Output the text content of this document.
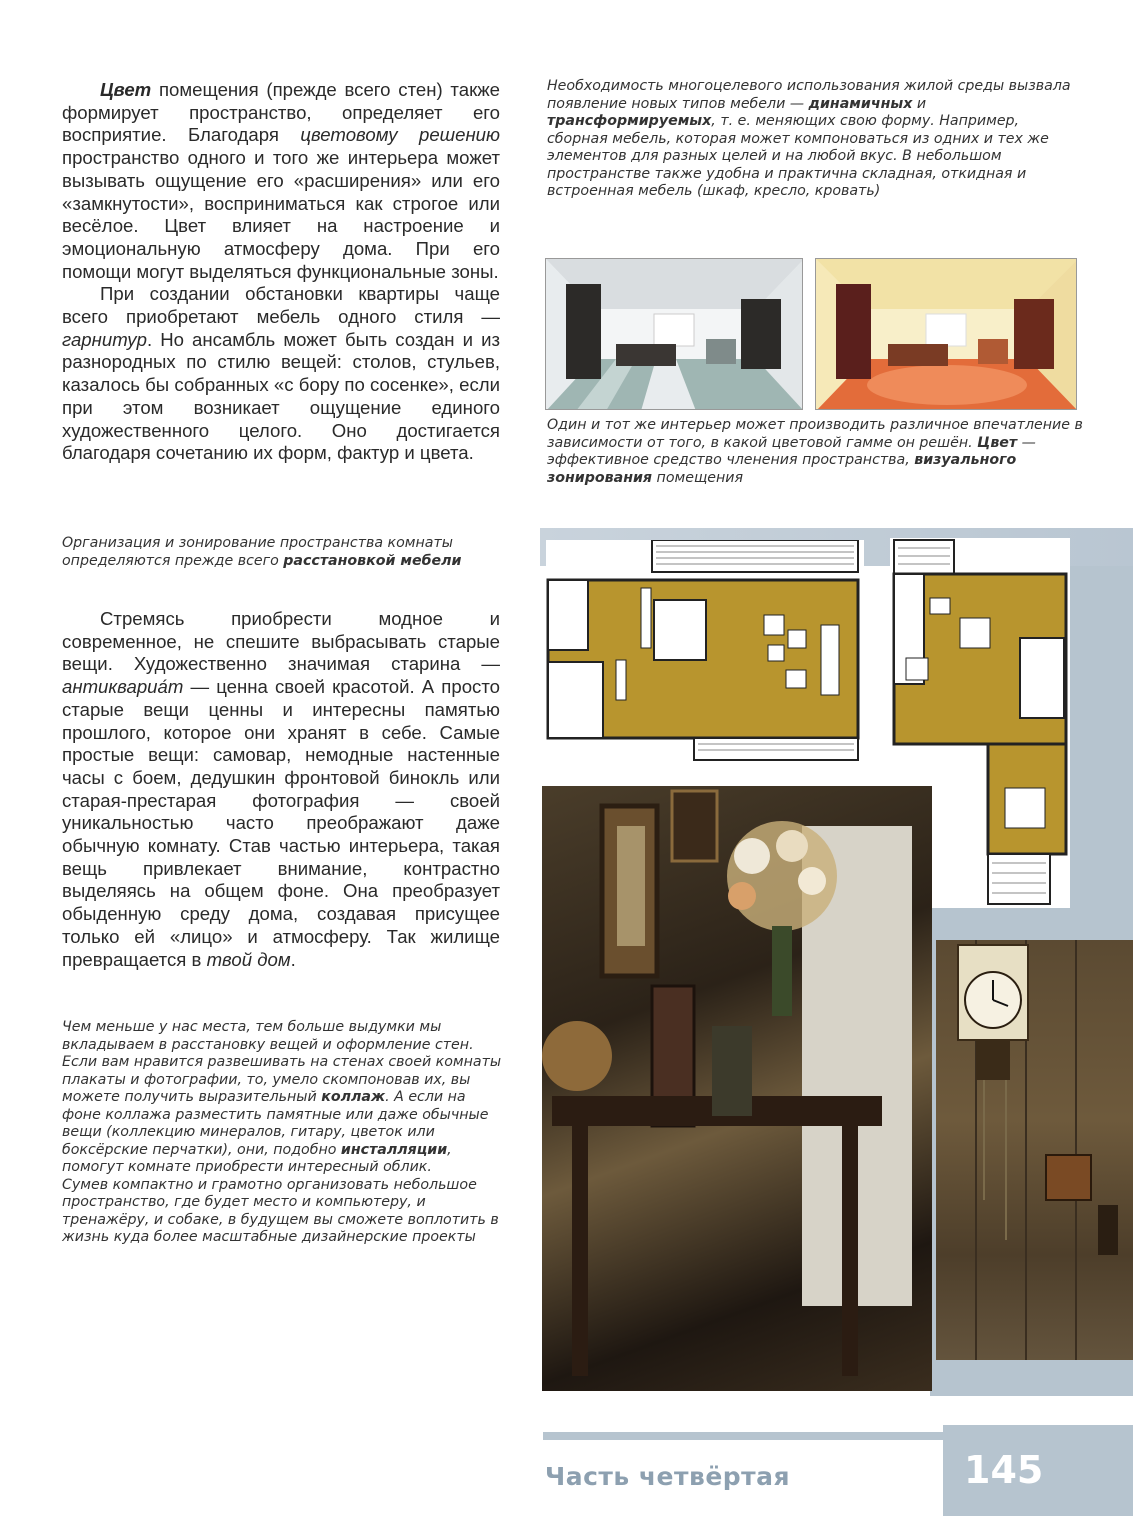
Цвет помещения (прежде всего стен) также формирует пространство, определяет его восприятие. Благодаря цветовому решению пространство одного и того же интерьера может вызывать ощущение его «расширения» или его «замкнутости», восприниматься как строгое или весёлое. Цвет влияет на настроение и эмоциональную атмосферу дома. При его помощи могут выделяться функциональные зоны.

При создании обстановки квартиры чаще всего приобретают мебель одного стиля — гарнитур. Но ансамбль может быть создан и из разнородных по стилю вещей: столов, стульев, казалось бы собранных «с бору по сосенке», если при этом возникает ощущение единого художественного целого. Оно достигается благодаря сочетанию их форм, фактур и цвета.

Организация и зонирование пространства комнаты определяются прежде всего расстановкой мебели

Стремясь приобрести модное и современное, не спешите выбрасывать старые вещи. Художественно значимая старина — антиквариа́т — ценна своей красотой. А просто старые вещи ценны и интересны памятью прошлого, которое они хранят в себе. Самые простые вещи: самовар, немодные настенные часы с боем, дедушкин фронтовой бинокль или старая-престарая фотография — своей уникальностью часто преображают даже обычную комнату. Став частью интерьера, такая вещь привлекает внимание, контрастно выделяясь на общем фоне. Она преобразует обыденную среду дома, создавая присущее только ей «лицо» и атмосферу. Так жилище превращается в твой дом.

Чем меньше у нас места, тем больше выдумки мы вкладываем в расстановку вещей и оформление стен.
Если вам нравится развешивать на стенах своей комнаты плакаты и фотографии, то, умело скомпоновав их, вы можете получить выразительный коллаж. А если на фоне коллажа разместить памятные или даже обычные вещи (коллекцию минералов, гитару, цветок или боксёрские перчатки), они, подобно инсталляции, помогут комнате приобрести интересный облик.
Сумев компактно и грамотно организовать небольшое пространство, где будет место и компьютеру, и тренажёру, и собаке, в будущем вы сможете воплотить в жизнь куда более масштабные дизайнерские проекты
Необходимость многоцелевого использования жилой среды вызвала появление новых типов мебели — динамичных и трансформируемых, т. е. меняющих свою форму. Например, сборная мебель, которая может компоноваться из одних и тех же элементов для разных целей и на любой вкус. В небольшом пространстве также удобна и практична складная, откидная и встроенная мебель (шкаф, кресло, кровать)
Один и тот же интерьер может производить различное впечатление в зависимости от того, в какой цветовой гамме он решён. Цвет — эффективное средство членения пространства, визуального зонирования помещения
Часть четвёртая	145
